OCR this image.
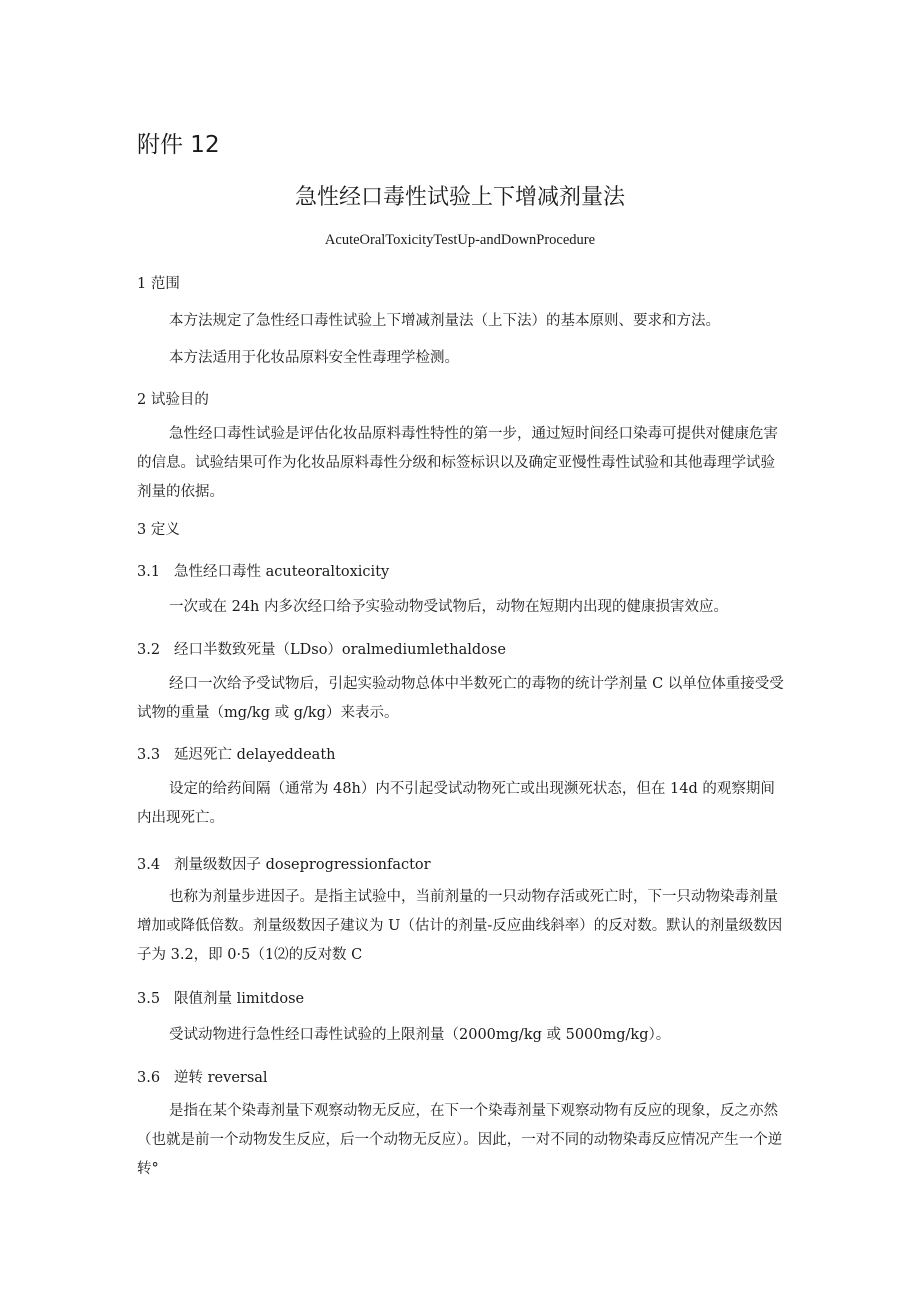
附件 12
急性经口毒性试验上下增减剂量法
AcuteOralToxicityTestUp-andDownProcedure
1 范围
本方法规定了急性经口毒性试验上下增减剂量法（上下法）的基本原则、要求和方法。
本方法适用于化妆品原料安全性毒理学检测。
2 试验目的
急性经口毒性试验是评估化妆品原料毒性特性的第一步，通过短时间经口染毒可提供对健康危害的信息。试验结果可作为化妆品原料毒性分级和标签标识以及确定亚慢性毒性试验和其他毒理学试验剂量的依据。
3 定义
3.1 急性经口毒性 acuteoraltoxicity
一次或在 24h 内多次经口给予实验动物受试物后，动物在短期内出现的健康损害效应。
3.2 经口半数致死量（LDso）oralmediumlethaldose
经口一次给予受试物后，引起实验动物总体中半数死亡的毒物的统计学剂量 C 以单位体重接受受试物的重量（mg/kg 或 g/kg）来表示。
3.3 延迟死亡 delayeddeath
设定的给药间隔（通常为 48h）内不引起受试动物死亡或出现濒死状态，但在 14d 的观察期间内出现死亡。
3.4 剂量级数因子 doseprogressionfactor
也称为剂量步进因子。是指主试验中，当前剂量的一只动物存活或死亡时，下一只动物染毒剂量增加或降低倍数。剂量级数因子建议为 U（估计的剂量-反应曲线斜率）的反对数。默认的剂量级数因子为 3.2，即 0·5（1⑵的反对数 C
3.5 限值剂量 limitdose
受试动物进行急性经口毒性试验的上限剂量（2000mg/kg 或 5000mg/kg）。
3.6 逆转 reversal
是指在某个染毒剂量下观察动物无反应，在下一个染毒剂量下观察动物有反应的现象，反之亦然（也就是前一个动物发生反应，后一个动物无反应）。因此，一对不同的动物染毒反应情况产生一个逆转°
